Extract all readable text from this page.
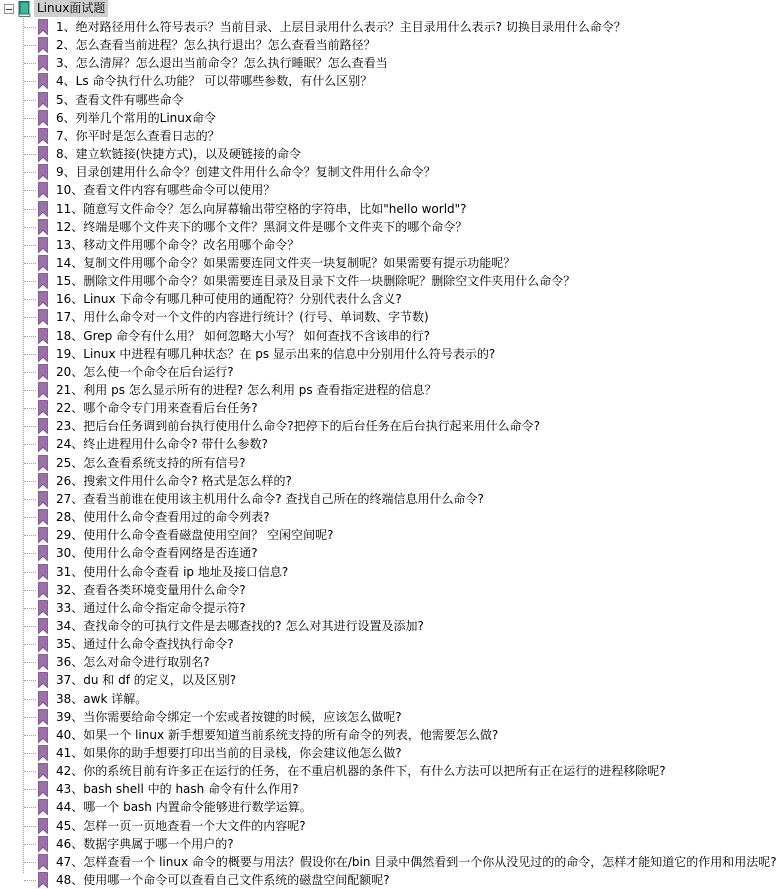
Linux面试题
1、绝对路径用什么符号表示？当前目录、上层目录用什么表示？主目录用什么表示? 切换目录用什么命令？
2、怎么查看当前进程？怎么执行退出？怎么查看当前路径？
3、怎么清屏？怎么退出当前命令？怎么执行睡眠？怎么查看当
4、Ls 命令执行什么功能？ 可以带哪些参数，有什么区别？
5、查看文件有哪些命令
6、列举几个常用的Linux命令
7、你平时是怎么查看日志的？
8、建立软链接(快捷方式)，以及硬链接的命令
9、目录创建用什么命令？创建文件用什么命令？复制文件用什么命令？
10、查看文件内容有哪些命令可以使用？
11、随意写文件命令？怎么向屏幕输出带空格的字符串，比如"hello world"?
12、终端是哪个文件夹下的哪个文件？黑洞文件是哪个文件夹下的哪个命令？
13、移动文件用哪个命令？改名用哪个命令？
14、复制文件用哪个命令？如果需要连同文件夹一块复制呢？如果需要有提示功能呢？
15、删除文件用哪个命令？如果需要连目录及目录下文件一块删除呢？删除空文件夹用什么命令？
16、Linux 下命令有哪几种可使用的通配符？分别代表什么含义?
17、用什么命令对一个文件的内容进行统计？(行号、单词数、字节数)
18、Grep 命令有什么用？ 如何忽略大小写？ 如何查找不含该串的行?
19、Linux 中进程有哪几种状态？在 ps 显示出来的信息中分别用什么符号表示的?
20、怎么使一个命令在后台运行?
21、利用 ps 怎么显示所有的进程? 怎么利用 ps 查看指定进程的信息？
22、哪个命令专门用来查看后台任务?
23、把后台任务调到前台执行使用什么命令?把停下的后台任务在后台执行起来用什么命令?
24、终止进程用什么命令? 带什么参数?
25、怎么查看系统支持的所有信号?
26、搜索文件用什么命令? 格式是怎么样的?
27、查看当前谁在使用该主机用什么命令? 查找自己所在的终端信息用什么命令?
28、使用什么命令查看用过的命令列表?
29、使用什么命令查看磁盘使用空间？ 空闲空间呢?
30、使用什么命令查看网络是否连通?
31、使用什么命令查看 ip 地址及接口信息?
32、查看各类环境变量用什么命令?
33、通过什么命令指定命令提示符?
34、查找命令的可执行文件是去哪查找的? 怎么对其进行设置及添加?
35、通过什么命令查找执行命令?
36、怎么对命令进行取别名?
37、du 和 df 的定义，以及区别?
38、awk 详解。
39、当你需要给命令绑定一个宏或者按键的时候，应该怎么做呢?
40、如果一个 linux 新手想要知道当前系统支持的所有命令的列表，他需要怎么做?
41、如果你的助手想要打印出当前的目录栈，你会建议他怎么做?
42、你的系统目前有许多正在运行的任务，在不重启机器的条件下，有什么方法可以把所有正在运行的进程移除呢?
43、bash shell 中的 hash 命令有什么作用?
44、哪一个 bash 内置命令能够进行数学运算。
45、怎样一页一页地查看一个大文件的内容呢?
46、数据字典属于哪一个用户的?
47、怎样查看一个 linux 命令的概要与用法？假设你在/bin 目录中偶然看到一个你从没见过的的命令，怎样才能知道它的作用和用法呢?
48、使用哪一个命令可以查看自己文件系统的磁盘空间配额呢?
